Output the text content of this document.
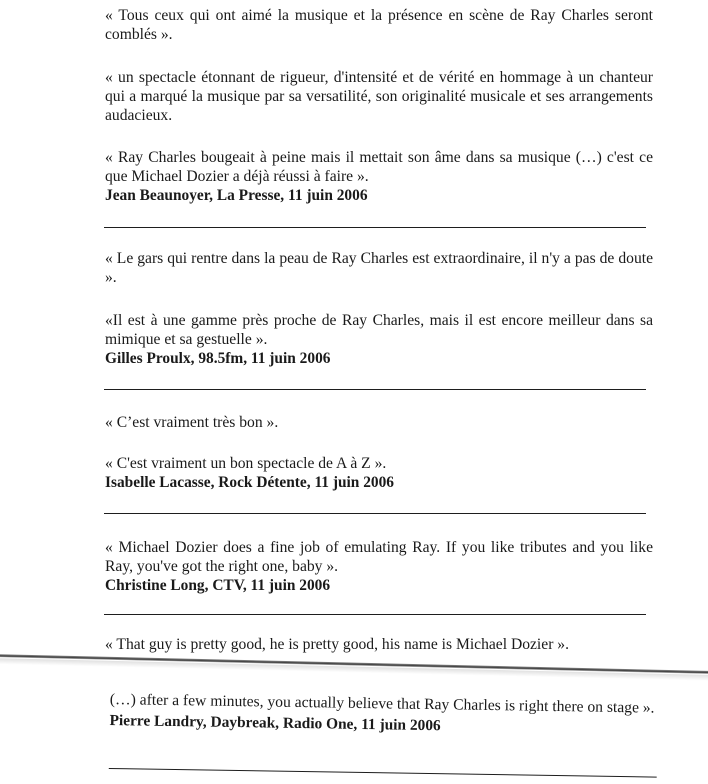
« Tous ceux qui ont aimé la musique et la présence en scène de Ray Charles seront comblés ».

« un spectacle étonnant de rigueur, d'intensité et de vérité en hommage à un chanteur qui a marqué la musique par sa versatilité, son originalité musicale et ses arrangements audacieux.

« Ray Charles bougeait à peine mais il mettait son âme dans sa musique (…) c'est ce que Michael Dozier a déjà réussi à faire ».

Jean Beaunoyer, La Presse, 11 juin 2006

« Le gars qui rentre dans la peau de Ray Charles est extraordinaire, il n'y a pas de doute ».

«Il est à une gamme près proche de Ray Charles, mais il est encore meilleur dans sa mimique et sa gestuelle ».

Gilles Proulx, 98.5fm, 11 juin 2006

« C’est vraiment très bon ».

« C'est vraiment un bon spectacle de A à Z ».

Isabelle Lacasse, Rock Détente, 11 juin 2006

« Michael Dozier does a fine job of emulating Ray. If you like tributes and you like Ray, you've got the right one, baby ».

Christine Long, CTV, 11 juin 2006

« That guy is pretty good, he is pretty good, his name is Michael Dozier ».

(…) after a few minutes, you actually believe that Ray Charles is right there on stage ».

Pierre Landry, Daybreak, Radio One, 11 juin 2006
